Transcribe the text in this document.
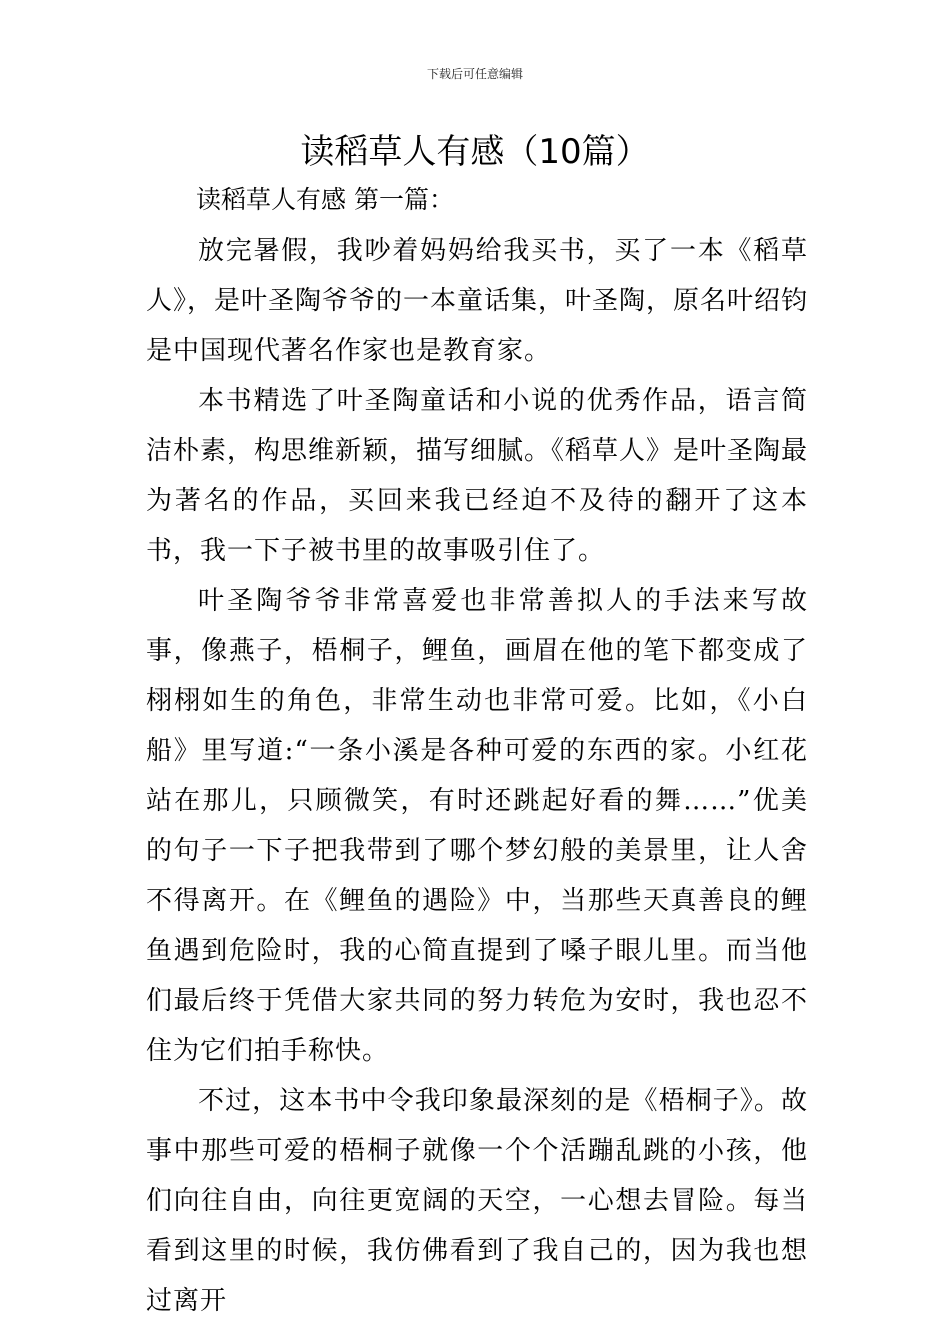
下载后可任意编辑
读稻草人有感（10篇）
读稻草人有感 第一篇：

放完暑假，我吵着妈妈给我买书，买了一本《稻草人》，是叶圣陶爷爷的一本童话集，叶圣陶，原名叶绍钧是中国现代著名作家也是教育家。

本书精选了叶圣陶童话和小说的优秀作品，语言简洁朴素，构思维新颖，描写细腻。《稻草人》是叶圣陶最为著名的作品，买回来我已经迫不及待的翻开了这本书，我一下子被书里的故事吸引住了。

叶圣陶爷爷非常喜爱也非常善拟人的手法来写故事，像燕子，梧桐子，鲤鱼，画眉在他的笔下都变成了栩栩如生的角色，非常生动也非常可爱。比如，《小白船》里写道:“一条小溪是各种可爱的东西的家。小红花站在那儿，只顾微笑，有时还跳起好看的舞……”优美的句子一下子把我带到了哪个梦幻般的美景里，让人舍不得离开。在《鲤鱼的遇险》中，当那些天真善良的鲤鱼遇到危险时，我的心简直提到了嗓子眼儿里。而当他们最后终于凭借大家共同的努力转危为安时，我也忍不住为它们拍手称快。

不过，这本书中令我印象最深刻的是《梧桐子》。故事中那些可爱的梧桐子就像一个个活蹦乱跳的小孩，他们向往自由，向往更宽阔的天空，一心想去冒险。每当看到这里的时候，我仿佛看到了我自己的，因为我也想过离开
